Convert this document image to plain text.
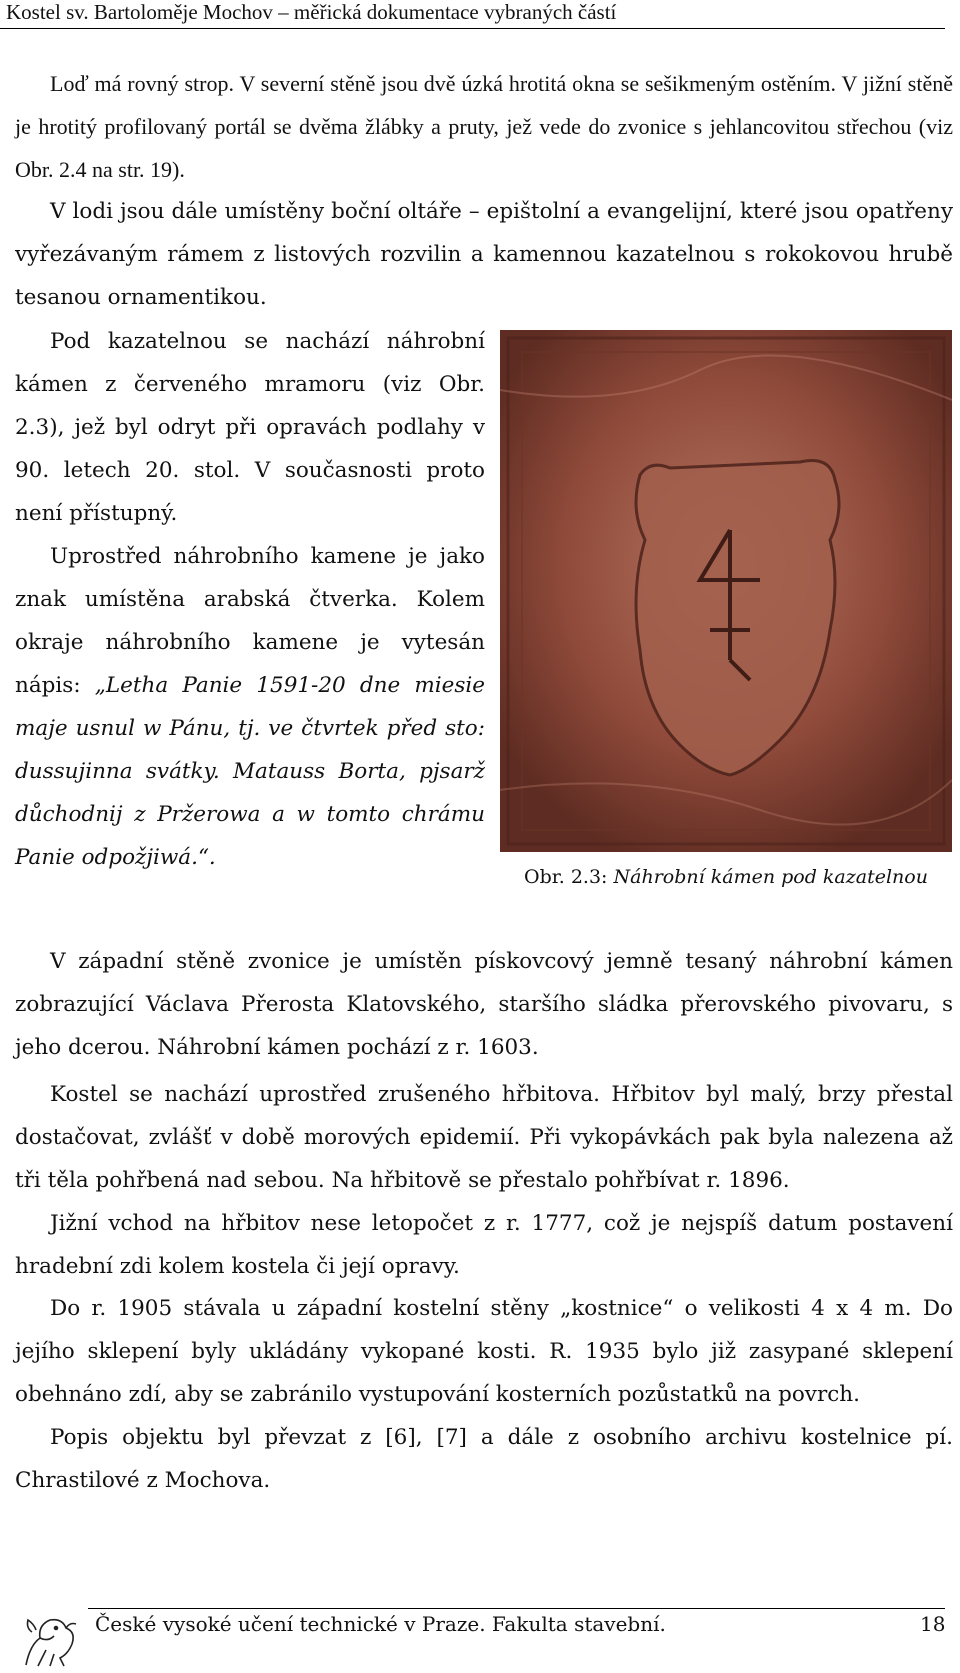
Kostel sv. Bartoloměje Mochov – měřická dokumentace vybraných částí

Loď má rovný strop. V severní stěně jsou dvě úzká hrotitá okna se sešikmeným ostěním. V jižní stěně je hrotitý profilovaný portál se dvěma žlábky a pruty, jež vede do zvonice s jehlancovitou střechou (viz Obr. 2.4 na str. 19).

V lodi jsou dále umístěny boční oltáře – epištolní a evangelijní, které jsou opatřeny vyřezávaným rámem z listových rozvilin a kamennou kazatelnou s rokokovou hrubě tesanou ornamentikou.

Pod kazatelnou se nachází náhrobní kámen z červeného mramoru (viz Obr. 2.3), jež byl odryt při opravách podlahy v 90. letech 20. stol. V současnosti proto není přístupný.

Uprostřed náhrobního kamene je jako znak umístěna arabská čtverka. Kolem okraje náhrobního kamene je vytesán nápis: „Letha Panie 1591-20 dne miesie maje usnul w Pánu, tj. ve čtvrtek před sto: dussujinna svátky. Matauss Borta, pjsarž důchodnij z Pržerowa a w tomto chrámu Panie odpožjiwá.“.

Obr. 2.3: Náhrobní kámen pod kazatelnou

V západní stěně zvonice je umístěn pískovcový jemně tesaný náhrobní kámen zobrazující Václava Přerosta Klatovského, staršího sládka přerovského pivovaru, s jeho dcerou. Náhrobní kámen pochází z r. 1603.

Kostel se nachází uprostřed zrušeného hřbitova. Hřbitov byl malý, brzy přestal dostačovat, zvlášť v době morových epidemií. Při vykopávkách pak byla nalezena až tři těla pohřbená nad sebou. Na hřbitově se přestalo pohřbívat r. 1896.

Jižní vchod na hřbitov nese letopočet z r. 1777, což je nejspíš datum postavení hradební zdi kolem kostela či její opravy.

Do r. 1905 stávala u západní kostelní stěny „kostnice“ o velikosti 4 x 4 m. Do jejího sklepení byly ukládány vykopané kosti. R. 1935 bylo již zasypané sklepení obehnáno zdí, aby se zabránilo vystupování kosterních pozůstatků na povrch.

Popis objektu byl převzat z [6], [7] a dále z osobního archivu kostelnice pí. Chrastilové z Mochova.

České vysoké učení technické v Praze. Fakulta stavební.	18
